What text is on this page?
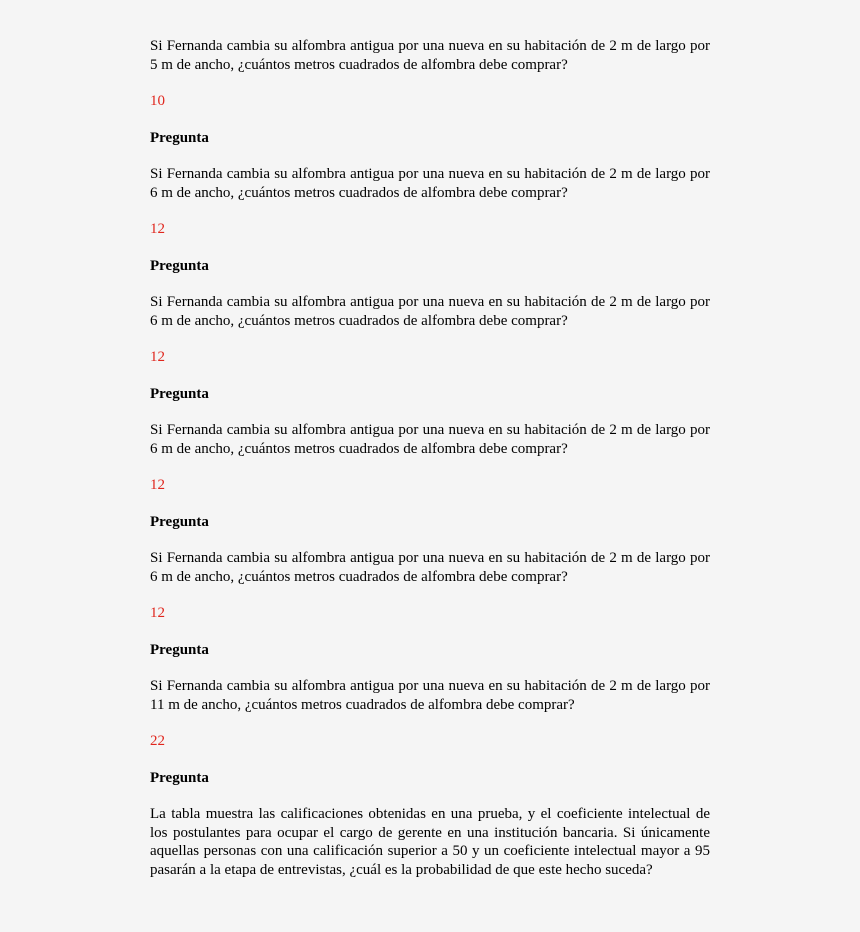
Si Fernanda cambia su alfombra antigua por una nueva en su habitación de 2 m de largo por 5 m de ancho, ¿cuántos metros cuadrados de alfombra debe comprar?

10

Pregunta

Si Fernanda cambia su alfombra antigua por una nueva en su habitación de 2 m de largo por 6 m de ancho, ¿cuántos metros cuadrados de alfombra debe comprar?

12

Pregunta

Si Fernanda cambia su alfombra antigua por una nueva en su habitación de 2 m de largo por 6 m de ancho, ¿cuántos metros cuadrados de alfombra debe comprar?

12

Pregunta

Si Fernanda cambia su alfombra antigua por una nueva en su habitación de 2 m de largo por 6 m de ancho, ¿cuántos metros cuadrados de alfombra debe comprar?

12

Pregunta

Si Fernanda cambia su alfombra antigua por una nueva en su habitación de 2 m de largo por 6 m de ancho, ¿cuántos metros cuadrados de alfombra debe comprar?

12

Pregunta

Si Fernanda cambia su alfombra antigua por una nueva en su habitación de 2 m de largo por 11 m de ancho, ¿cuántos metros cuadrados de alfombra debe comprar?

22

Pregunta

La tabla muestra las calificaciones obtenidas en una prueba, y el coeficiente intelectual de los postulantes para ocupar el cargo de gerente en una institución bancaria. Si únicamente aquellas personas con una calificación superior a 50 y un coeficiente intelectual mayor a 95 pasarán a la etapa de entrevistas, ¿cuál es la probabilidad de que este hecho suceda?
